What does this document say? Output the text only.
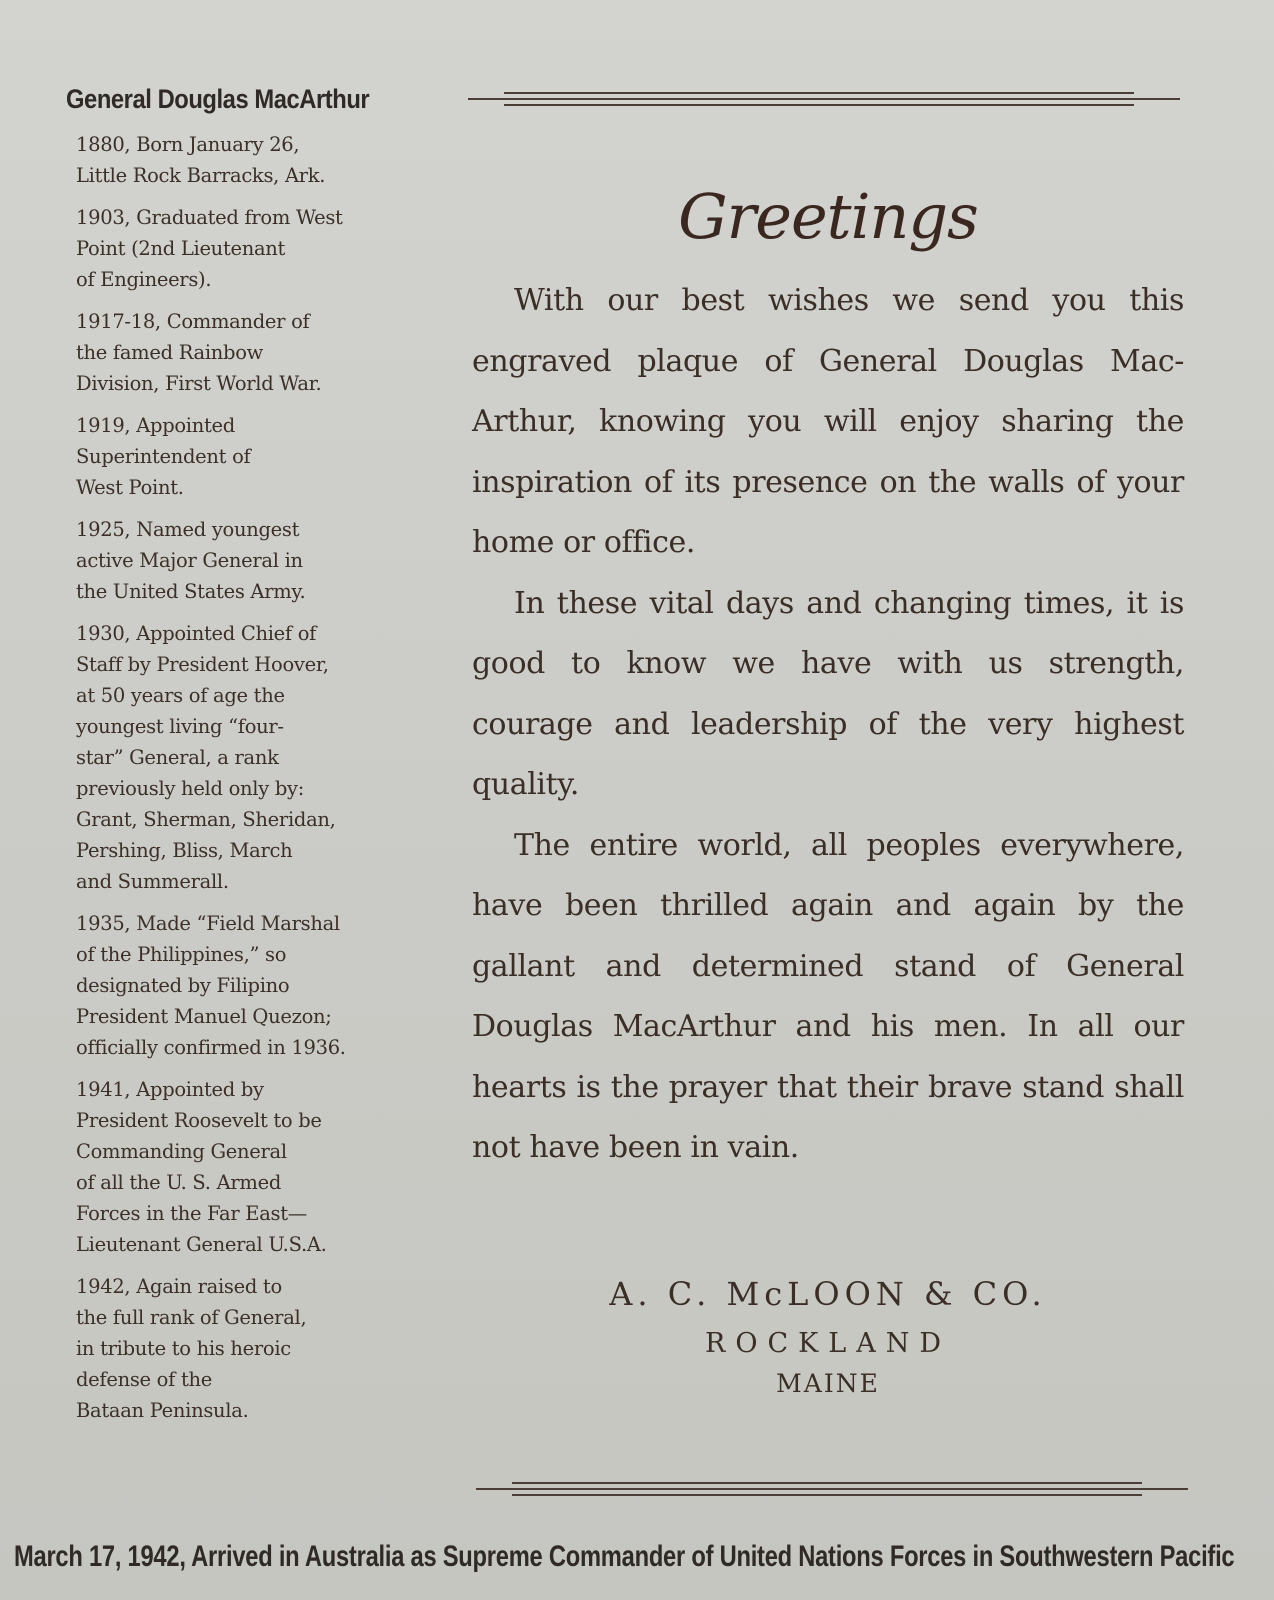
General Douglas MacArthur
1880, Born January 26,
Little Rock Barracks, Ark.
1903, Graduated from West
Point (2nd Lieutenant
of Engineers).
1917-18, Commander of
the famed Rainbow
Division, First World War.
1919, Appointed
Superintendent of
West Point.
1925, Named youngest
active Major General in
the United States Army.
1930, Appointed Chief of
Staff by President Hoover,
at 50 years of age the
youngest living “four-
star” General, a rank
previously held only by:
Grant, Sherman, Sheridan,
Pershing, Bliss, March
and Summerall.
1935, Made “Field Marshal
of the Philippines,” so
designated by Filipino
President Manuel Quezon;
officially confirmed in 1936.
1941, Appointed by
President Roosevelt to be
Commanding General
of all the U. S. Armed
Forces in the Far East—
Lieutenant General U.S.A.
1942, Again raised to
the full rank of General,
in tribute to his heroic
defense of the
Bataan Peninsula.
Greetings

With our best wishes we send you this engraved plaque of General Douglas Mac-Arthur, knowing you will enjoy sharing the inspiration of its presence on the walls of your home or office.

In these vital days and changing times, it is good to know we have with us strength, courage and leadership of the very highest quality.

The entire world, all peoples everywhere, have been thrilled again and again by the gallant and determined stand of General Douglas MacArthur and his men. In all our hearts is the prayer that their brave stand shall not have been in vain.

A. C. McLOON & CO.

ROCKLAND

MAINE

March 17, 1942, Arrived in Australia as Supreme Commander of United Nations Forces in Southwestern Pacific
